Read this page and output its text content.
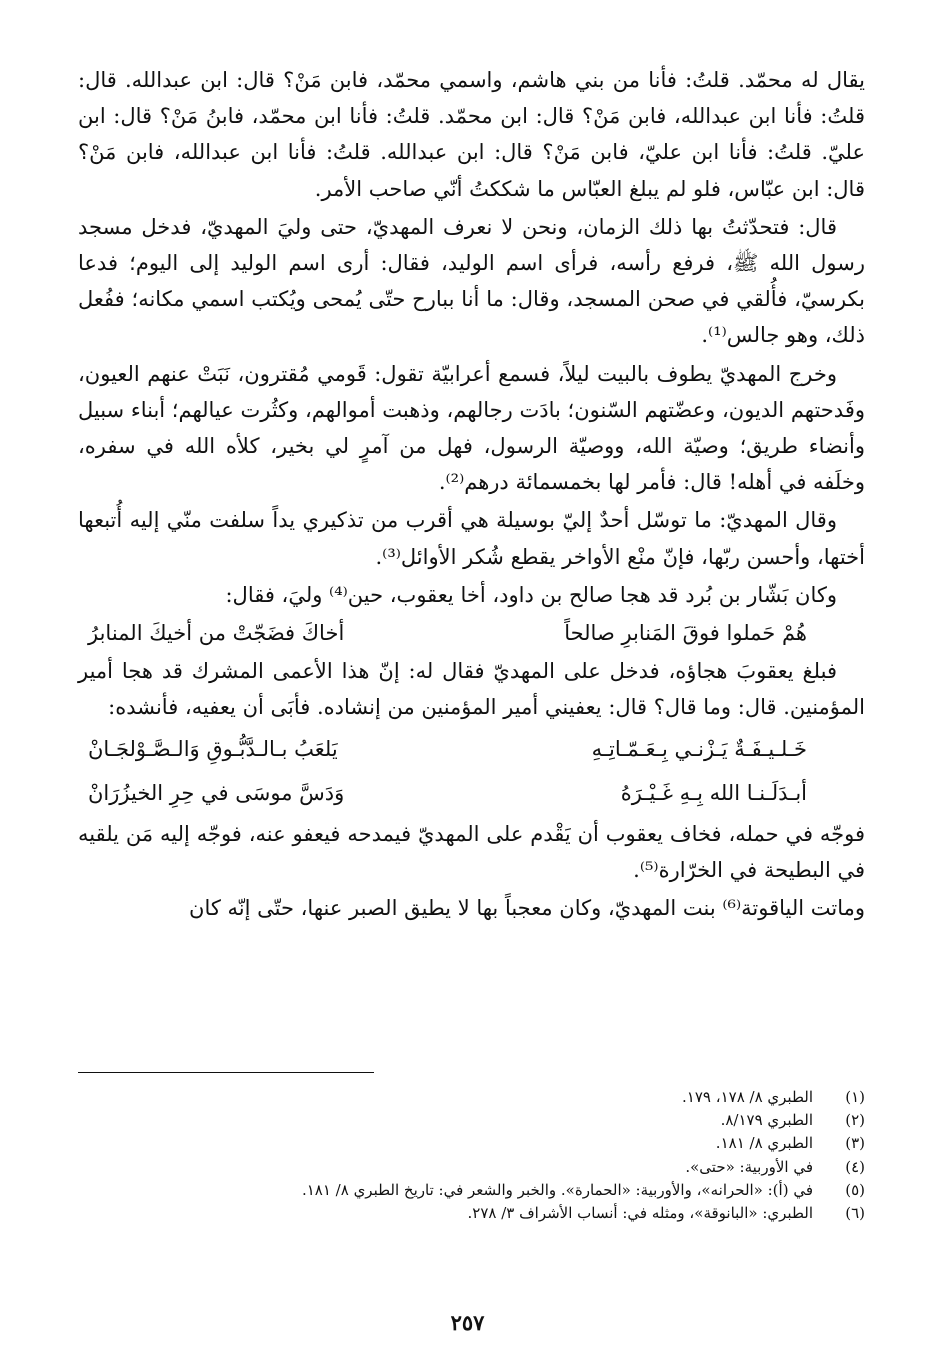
يقال له محمّد. قلتُ: فأنا من بني هاشم، واسمي محمّد، فابن مَنْ؟ قال: ابن عبدالله. قال: قلتُ: فأنا ابن عبدالله، فابن مَنْ؟ قال: ابن محمّد. قلتُ: فأنا ابن محمّد، فابنُ مَنْ؟ قال: ابن عليّ. قلتُ: فأنا ابن عليّ، فابن مَنْ؟ قال: ابن عبدالله. قلتُ: فأنا ابن عبدالله، فابن مَنْ؟ قال: ابن عبّاس، فلو لم يبلغ العبّاس ما شككتُ أنّي صاحب الأمر.

قال: فتحدّثتُ بها ذلك الزمان، ونحن لا نعرف المهديّ، حتى وليَ المهديّ، فدخل مسجد رسول الله ﷺ، فرفع رأسه، فرأى اسم الوليد، فقال: أرى اسم الوليد إلى اليوم؛ فدعا بكرسيّ، فأُلقي في صحن المسجد، وقال: ما أنا ببارح حتّى يُمحى ويُكتب اسمي مكانه؛ ففُعل ذلك، وهو جالس⁽¹⁾.

وخرج المهديّ يطوف بالبيت ليلاً، فسمع أعرابيّة تقول: قَومي مُقترون، نَبَتْ عنهم العيون، وفَدحتهم الديون، وعضّتهم السّنون؛ بادَت رجالهم، وذهبت أموالهم، وكثُرت عيالهم؛ أبناء سبيل وأنضاء طريق؛ وصيّة الله، ووصيّة الرسول، فهل من آمرٍ لي بخير، كلأه الله في سفره، وخلَفه في أهله! قال: فأمر لها بخمسمائة درهم⁽²⁾.

وقال المهديّ: ما توسّل أحدٌ إليّ بوسيلة هي أقرب من تذكيري يداً سلفت منّي إليه أُتبعها أختها، وأحسن ربّها، فإنّ منْع الأواخر يقطع شُكر الأوائل⁽³⁾.

وكان بَشّار بن بُرد قد هجا صالح بن داود، أخا يعقوب، حين⁽⁴⁾ وليَ، فقال:

هُمْ حَملوا فوقَ المَنابرِ صالحاً
أخاكَ فضَجّتْ من أخيكَ المنابرُ

فبلغ يعقوبَ هجاؤه، فدخل على المهديّ فقال له: إنّ هذا الأعمى المشرك قد هجا أمير المؤمنين. قال: وما قال؟ قال: يعفيني أمير المؤمنين من إنشاده. فأبَى أن يعفيه، فأنشده:

خَـلـيـفَـةٌ يَـزْنـي بِـعَـمّـاتِـهِ
يَلعَبُ بـالـدَّبُّـوقِ وَالـصَّـوْلجَـانْ
أبـدَلَـنـا الله بِـهِ غَـيْـرَهُ
وَدَسَّ موسَى في حِرِ الخيزُرَانْ

فوجّه في حمله، فخاف يعقوب أن يَقْدم على المهديّ فيمدحه فيعفو عنه، فوجّه إليه مَن يلقيه في البطيحة في الخرّارة⁽⁵⁾.

وماتت الياقوتة⁽⁶⁾ بنت المهديّ، وكان معجباً بها لا يطيق الصبر عنها، حتّى إنّه كان

(١)
الطبري ٨/ ١٧٨، ١٧٩.
(٢)
الطبري ٨/١٧٩.
(٣)
الطبري ٨/ ١٨١.
(٤)
في الأوربية: «حتى».
(٥)
في (أ): «الحرانه»، والأوربية: «الحمارة». والخبر والشعر في: تاريخ الطبري ٨/ ١٨١.
(٦)
الطبري: «البانوقة»، ومثله في: أنساب الأشراف ٣/ ٢٧٨.
٢٥٧
